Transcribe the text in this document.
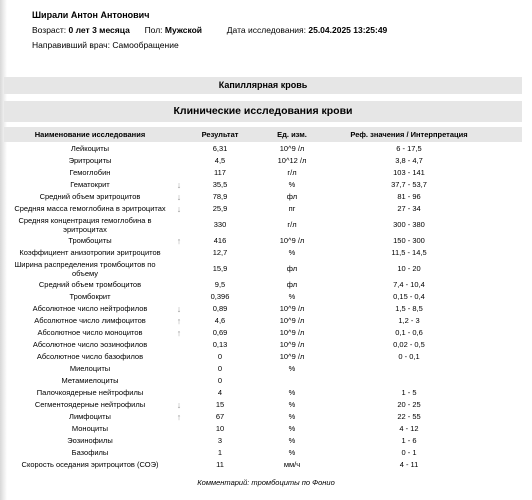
Ширали Антон Антонович
Возраст: 0 лет 3 месяца Пол: Мужской	Дата исследования: 25.04.2025 13:25:49
Направивший врач: Самообращение
Капиллярная кровь
Клинические исследования крови
Наименование исследования	Результат	Ед. изм.	Реф. значения / Интерпретация
Лейкоциты	6,31	10^9 /л	6 - 17,5
Эритроциты	4,5	10^12 /л	3,8 - 4,7
Гемоглобин	117	г/л	103 - 141
Гематокрит	↓	35,5	%	37,7 - 53,7
Средний объем эритроцитов	↓	78,9	фл	81 - 96
Средняя масса гемоглобина в эритроцитах	↓	25,9	пг	27 - 34
Средняя концентрация гемоглобина в эритроцитах
330	г/л	300 - 380
Тромбоциты	↑	416	10^9 /л	150 - 300
Коэффициент анизотропии эритроцитов	12,7	%	11,5 - 14,5
Ширина распределения тромбоцитов по объему
15,9	фл	10 - 20
Средний объем тромбоцитов	9,5	фл	7,4 - 10,4
Тромбокрит	0,396	%	0,15 - 0,4
Абсолютное число нейтрофилов	↓	0,89	10^9 /л	1,5 - 8,5
Абсолютное число лимфоцитов	↑	4,6	10^9 /л	1,2 - 3
Абсолютное число моноцитов	↑	0,69	10^9 /л	0,1 - 0,6
Абсолютное число эозинофилов	0,13	10^9 /л	0,02 - 0,5
Абсолютное число базофилов	0	10^9 /л	0 - 0,1
Миелоциты	0	%
Метамиелоциты	0
Палочкоядерные нейтрофилы	4	%	1 - 5
Сегментоядерные нейтрофилы	↓	15	%	20 - 25
Лимфоциты	↑	67	%	22 - 55
Моноциты	10	%	4 - 12
Эозинофилы	3	%	1 - 6
Базофилы	1	%	0 - 1
Скорость оседания эритроцитов (СОЭ)	11	мм/ч	4 - 11
Комментарий: тромбоциты по Фонио
